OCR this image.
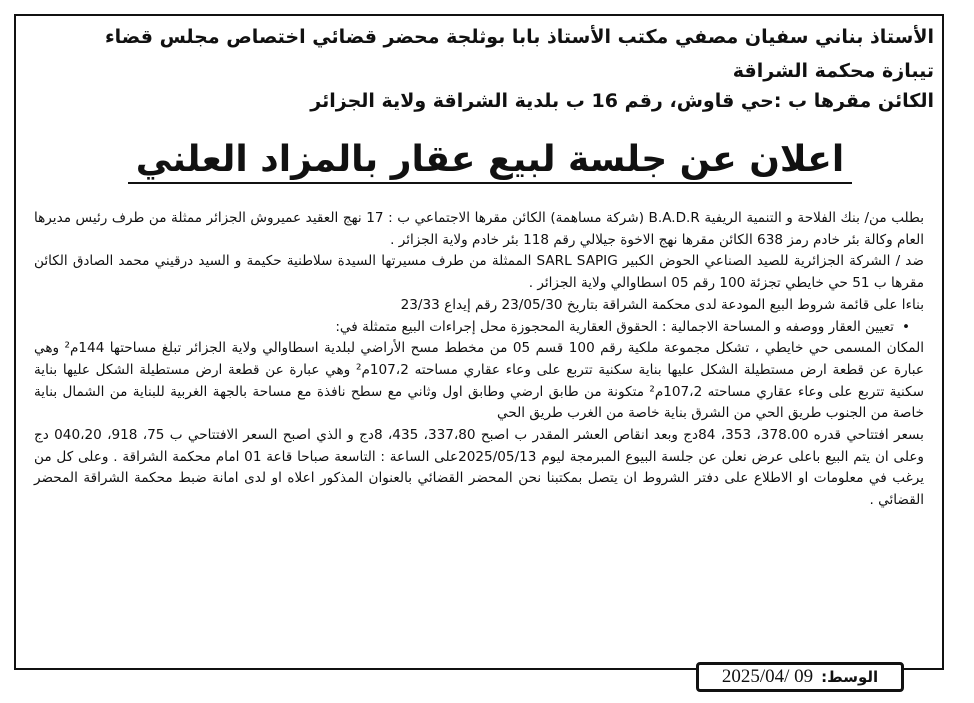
الأستاذ بناني سفيان مصفي مكتب الأستاذ بابا بوثلجة محضر قضائي اختصاص مجلس قضاء
تيبازة محكمة الشراقة
الكائن مقرها ب :حي قاوش، رقم 16 ب بلدية الشراقة ولاية الجزائر
اعلان عن جلسة لبيع عقار بالمزاد العلني

بطلب من/ بنك الفلاحة و التنمية الريفية B.A.D.R (شركة مساهمة) الكائن مقرها الاجتماعي ب : 17 نهج العقيد عميروش الجزائر ممثلة من طرف رئيس مديرها العام وكالة بئر خادم رمز 638 الكائن مقرها نهج الاخوة جيلالي رقم 118 بئر خادم ولاية الجزائر .

ضد / الشركة الجزائرية للصيد الصناعي الحوض الكبير SARL SAPIG الممثلة من طرف مسيرتها السيدة سلاطنية حكيمة و السيد درقيني محمد الصادق الكائن مقرها ب 51 حي خايطي تجزئة 100 رقم 05 اسطاوالي ولاية الجزائر .

بناءا على قائمة شروط البيع المودعة لدى محكمة الشراقة بتاريخ 23/05/30 رقم إيداع 23/33

• تعيين العقار ووصفه و المساحة الاجمالية : الحقوق العقارية المحجوزة محل إجراءات البيع متمثلة في:

المكان المسمى حي خايطي ، تشكل مجموعة ملكية رقم 100 قسم 05 من مخطط مسح الأراضي لبلدية اسطاوالي ولاية الجزائر تبلغ مساحتها 144م² وهي عبارة عن قطعة ارض مستطيلة الشكل عليها بناية سكنية تتربع على وعاء عقاري مساحته 107،2م² وهي عبارة عن قطعة ارض مستطيلة الشكل عليها بناية سكنية تتربع على وعاء عقاري مساحته 107،2م² متكونة من طابق ارضي وطابق اول وثاني مع سطح نافذة مع مساحة بالجهة الغربية للبناية من الشمال بناية خاصة من الجنوب طريق الحي من الشرق بناية خاصة من الغرب طريق الحي

بسعر افتتاحي قدره 378.00، 353، 84دج وبعد انقاص العشر المقدر ب اصبح 337،80، 435، 8دج و الذي اصبح السعر الافتتاحي ب 75، 918، 040،20 دج وعلى ان يتم البيع باعلى عرض نعلن عن جلسة البيوع المبرمجة ليوم 2025/05/13على الساعة : التاسعة صباحا قاعة 01 امام محكمة الشراقة . وعلى كل من يرغب في معلومات او الاطلاع على دفتر الشروط ان يتصل بمكتبنا نحن المحضر القضائي بالعنوان المذكور اعلاه او لدى امانة ضبط محكمة الشراقة المحضر القضائي .

الوسط:
2025/04/ 09
